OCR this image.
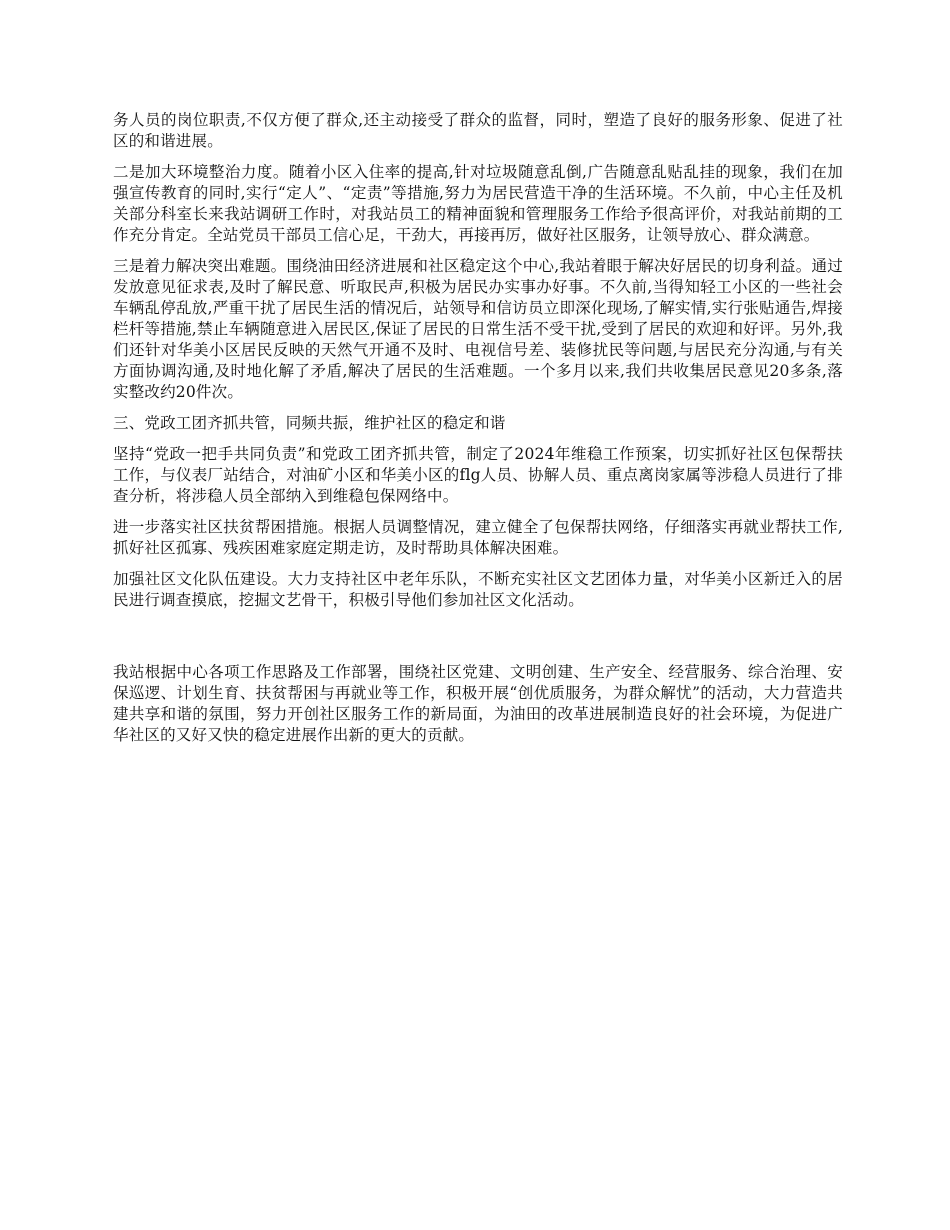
务人员的岗位职责,不仅方便了群众,还主动接受了群众的监督，同时，塑造了良好的服务形象、促进了社区的和谐进展。

二是加大环境整治力度。随着小区入住率的提高,针对垃圾随意乱倒,广告随意乱贴乱挂的现象，我们在加强宣传教育的同时,实行“定人”、“定责”等措施,努力为居民营造干净的生活环境。不久前，中心主任及机关部分科室长来我站调研工作时，对我站员工的精神面貌和管理服务工作给予很高评价，对我站前期的工作充分肯定。全站党员干部员工信心足，干劲大，再接再厉，做好社区服务，让领导放心、群众满意。

三是着力解决突出难题。围绕油田经济进展和社区稳定这个中心,我站着眼于解决好居民的切身利益。通过发放意见征求表,及时了解民意、听取民声,积极为居民办实事办好事。不久前,当得知轻工小区的一些社会车辆乱停乱放,严重干扰了居民生活的情况后，站领导和信访员立即深化现场,了解实情,实行张贴通告,焊接栏杆等措施,禁止车辆随意进入居民区,保证了居民的日常生活不受干扰,受到了居民的欢迎和好评。另外,我们还针对华美小区居民反映的天然气开通不及时、电视信号差、装修扰民等问题,与居民充分沟通,与有关方面协调沟通,及时地化解了矛盾,解决了居民的生活难题。一个多月以来,我们共收集居民意见20多条,落实整改约20件次。

三、党政工团齐抓共管，同频共振，维护社区的稳定和谐

坚持“党政一把手共同负责”和党政工团齐抓共管，制定了2024年维稳工作预案，切实抓好社区包保帮扶工作，与仪表厂站结合，对油矿小区和华美小区的flg人员、协解人员、重点离岗家属等涉稳人员进行了排查分析，将涉稳人员全部纳入到维稳包保网络中。

进一步落实社区扶贫帮困措施。根据人员调整情况，建立健全了包保帮扶网络，仔细落实再就业帮扶工作,抓好社区孤寡、残疾困难家庭定期走访，及时帮助具体解决困难。

加强社区文化队伍建设。大力支持社区中老年乐队，不断充实社区文艺团体力量，对华美小区新迁入的居民进行调查摸底，挖掘文艺骨干，积极引导他们参加社区文化活动。

我站根据中心各项工作思路及工作部署，围绕社区党建、文明创建、生产安全、经营服务、综合治理、安保巡逻、计划生育、扶贫帮困与再就业等工作，积极开展“创优质服务，为群众解忧”的活动，大力营造共建共享和谐的氛围，努力开创社区服务工作的新局面，为油田的改革进展制造良好的社会环境，为促进广华社区的又好又快的稳定进展作出新的更大的贡献。
